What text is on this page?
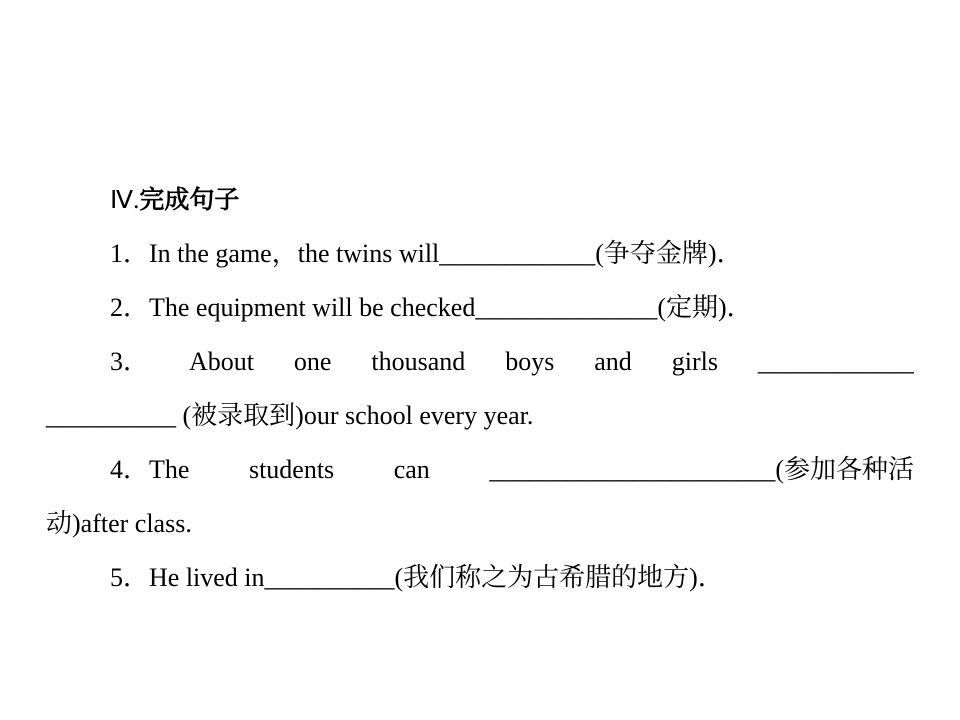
Ⅳ.完成句子
1．In the game，the twins will____________(争夺金牌)．
2．The equipment will be checked______________(定期)．
3． About one thousand boys and girls ____________
__________ (被录取到)our school every year.
4．The students can ______________________(参加各种活
动)after class.
5．He lived in__________(我们称之为古希腊的地方)．
